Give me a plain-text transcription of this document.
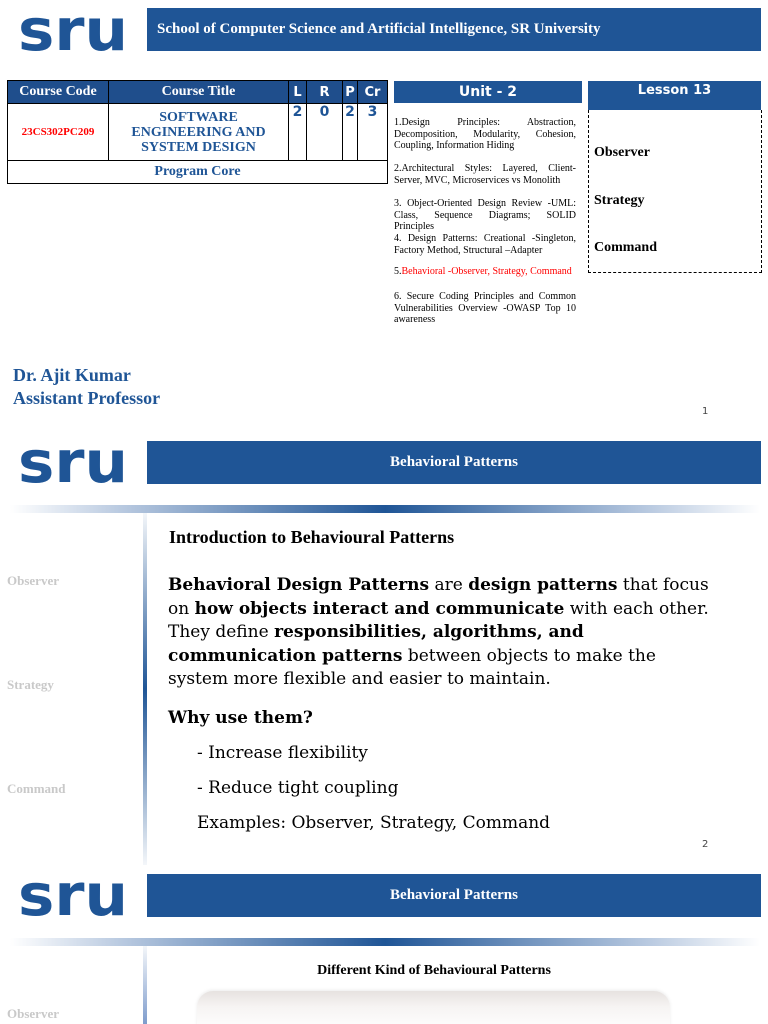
sru School of Computer Science and Artificial Intelligence, SR University
Course Code	Course Title	L	R	P	Cr
23CS302PC209	SOFTWARE ENGINEERING AND SYSTEM DESIGN	2	0	2	3
Program Core					
Unit - 2
1.Design Principles: Abstraction, Decomposition, Modularity, Cohesion, Coupling, Information Hiding
2.Architectural Styles: Layered, Client-Server, MVC, Microservices vs Monolith
3. Object-Oriented Design Review -UML: Class, Sequence Diagrams; SOLID Principles
4. Design Patterns: Creational -Singleton, Factory Method, Structural –Adapter
5.Behavioral -Observer, Strategy, Command
6. Secure Coding Principles and Common Vulnerabilities Overview -OWASP Top 10 awareness
Lesson 13
Observer
Strategy
Command
Dr. Ajit Kumar
Assistant Professor
1
sru	Behavioral Patterns
Observer
Strategy
Command
Introduction to Behavioural Patterns
Behavioral Design Patterns are design patterns that focus on how objects interact and communicate with each other. They define responsibilities, algorithms, and communication patterns between objects to make the system more flexible and easier to maintain.
Why use them?
- Increase flexibility
- Reduce tight coupling
Examples: Observer, Strategy, Command
2
sru	Behavioral Patterns
Different Kind of Behavioural Patterns
Observer
